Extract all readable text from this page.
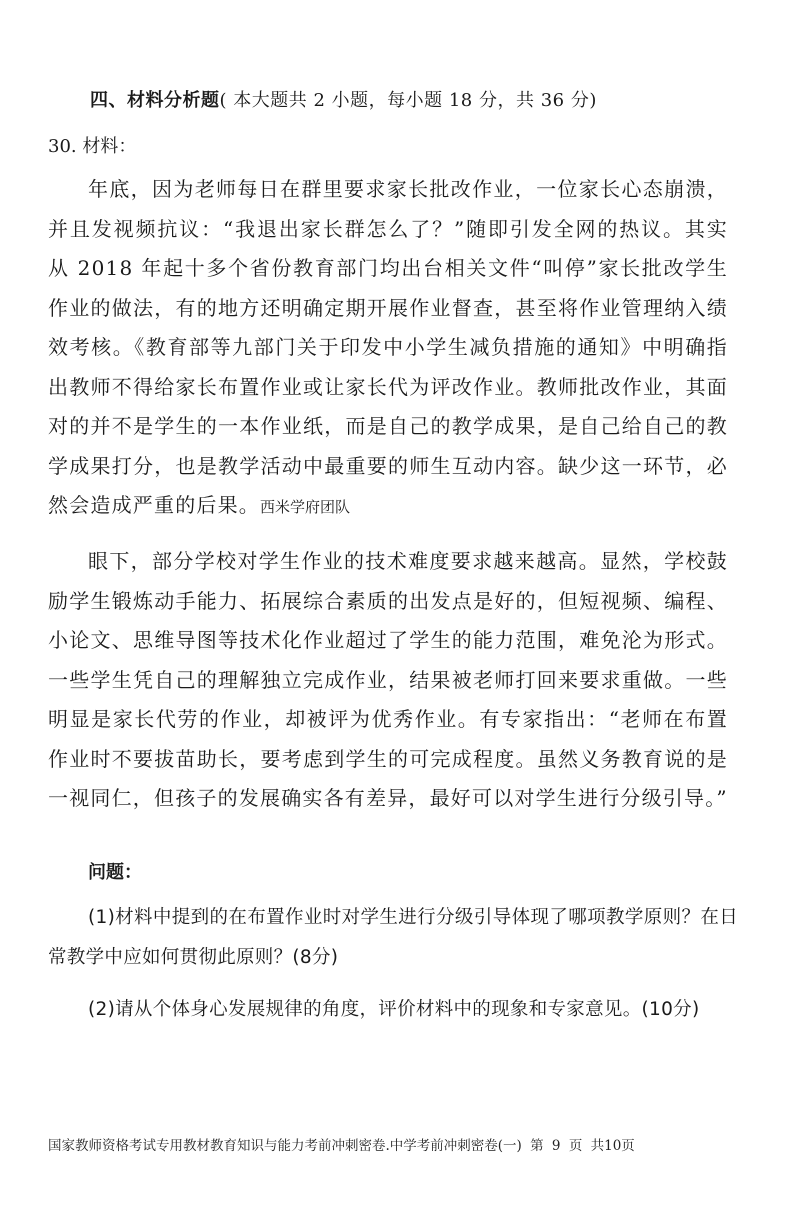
四、材料分析题( 本大题共 2 小题，每小题 18 分，共 36 分)
30. 材料：

年底，因为老师每日在群里要求家长批改作业，一位家长心态崩溃，并且发视频抗议：“我退出家长群怎么了？”随即引发全网的热议。其实从 2018 年起十多个省份教育部门均出台相关文件“叫停”家长批改学生作业的做法，有的地方还明确定期开展作业督查，甚至将作业管理纳入绩效考核。《教育部等九部门关于印发中小学生减负措施的通知》中明确指出教师不得给家长布置作业或让家长代为评改作业。教师批改作业，其面对的并不是学生的一本作业纸，而是自己的教学成果，是自己给自己的教学成果打分，也是教学活动中最重要的师生互动内容。缺少这一环节，必然会造成严重的后果。西米学府团队

眼下，部分学校对学生作业的技术难度要求越来越高。显然，学校鼓励学生锻炼动手能力、拓展综合素质的出发点是好的，但短视频、编程、小论文、思维导图等技术化作业超过了学生的能力范围，难免沦为形式。一些学生凭自己的理解独立完成作业，结果被老师打回来要求重做。一些明显是家长代劳的作业，却被评为优秀作业。有专家指出：“老师在布置作业时不要拔苗助长，要考虑到学生的可完成程度。虽然义务教育说的是一视同仁，但孩子的发展确实各有差异，最好可以对学生进行分级引导。”

问题：

(1)材料中提到的在布置作业时对学生进行分级引导体现了哪项教学原则？在日常教学中应如何贯彻此原则？(8分)

(2)请从个体身心发展规律的角度，评价材料中的现象和专家意见。(10分)

国家教师资格考试专用教材教育知识与能力考前冲刺密卷.中学考前冲刺密卷(一) 第 9 页 共10页
